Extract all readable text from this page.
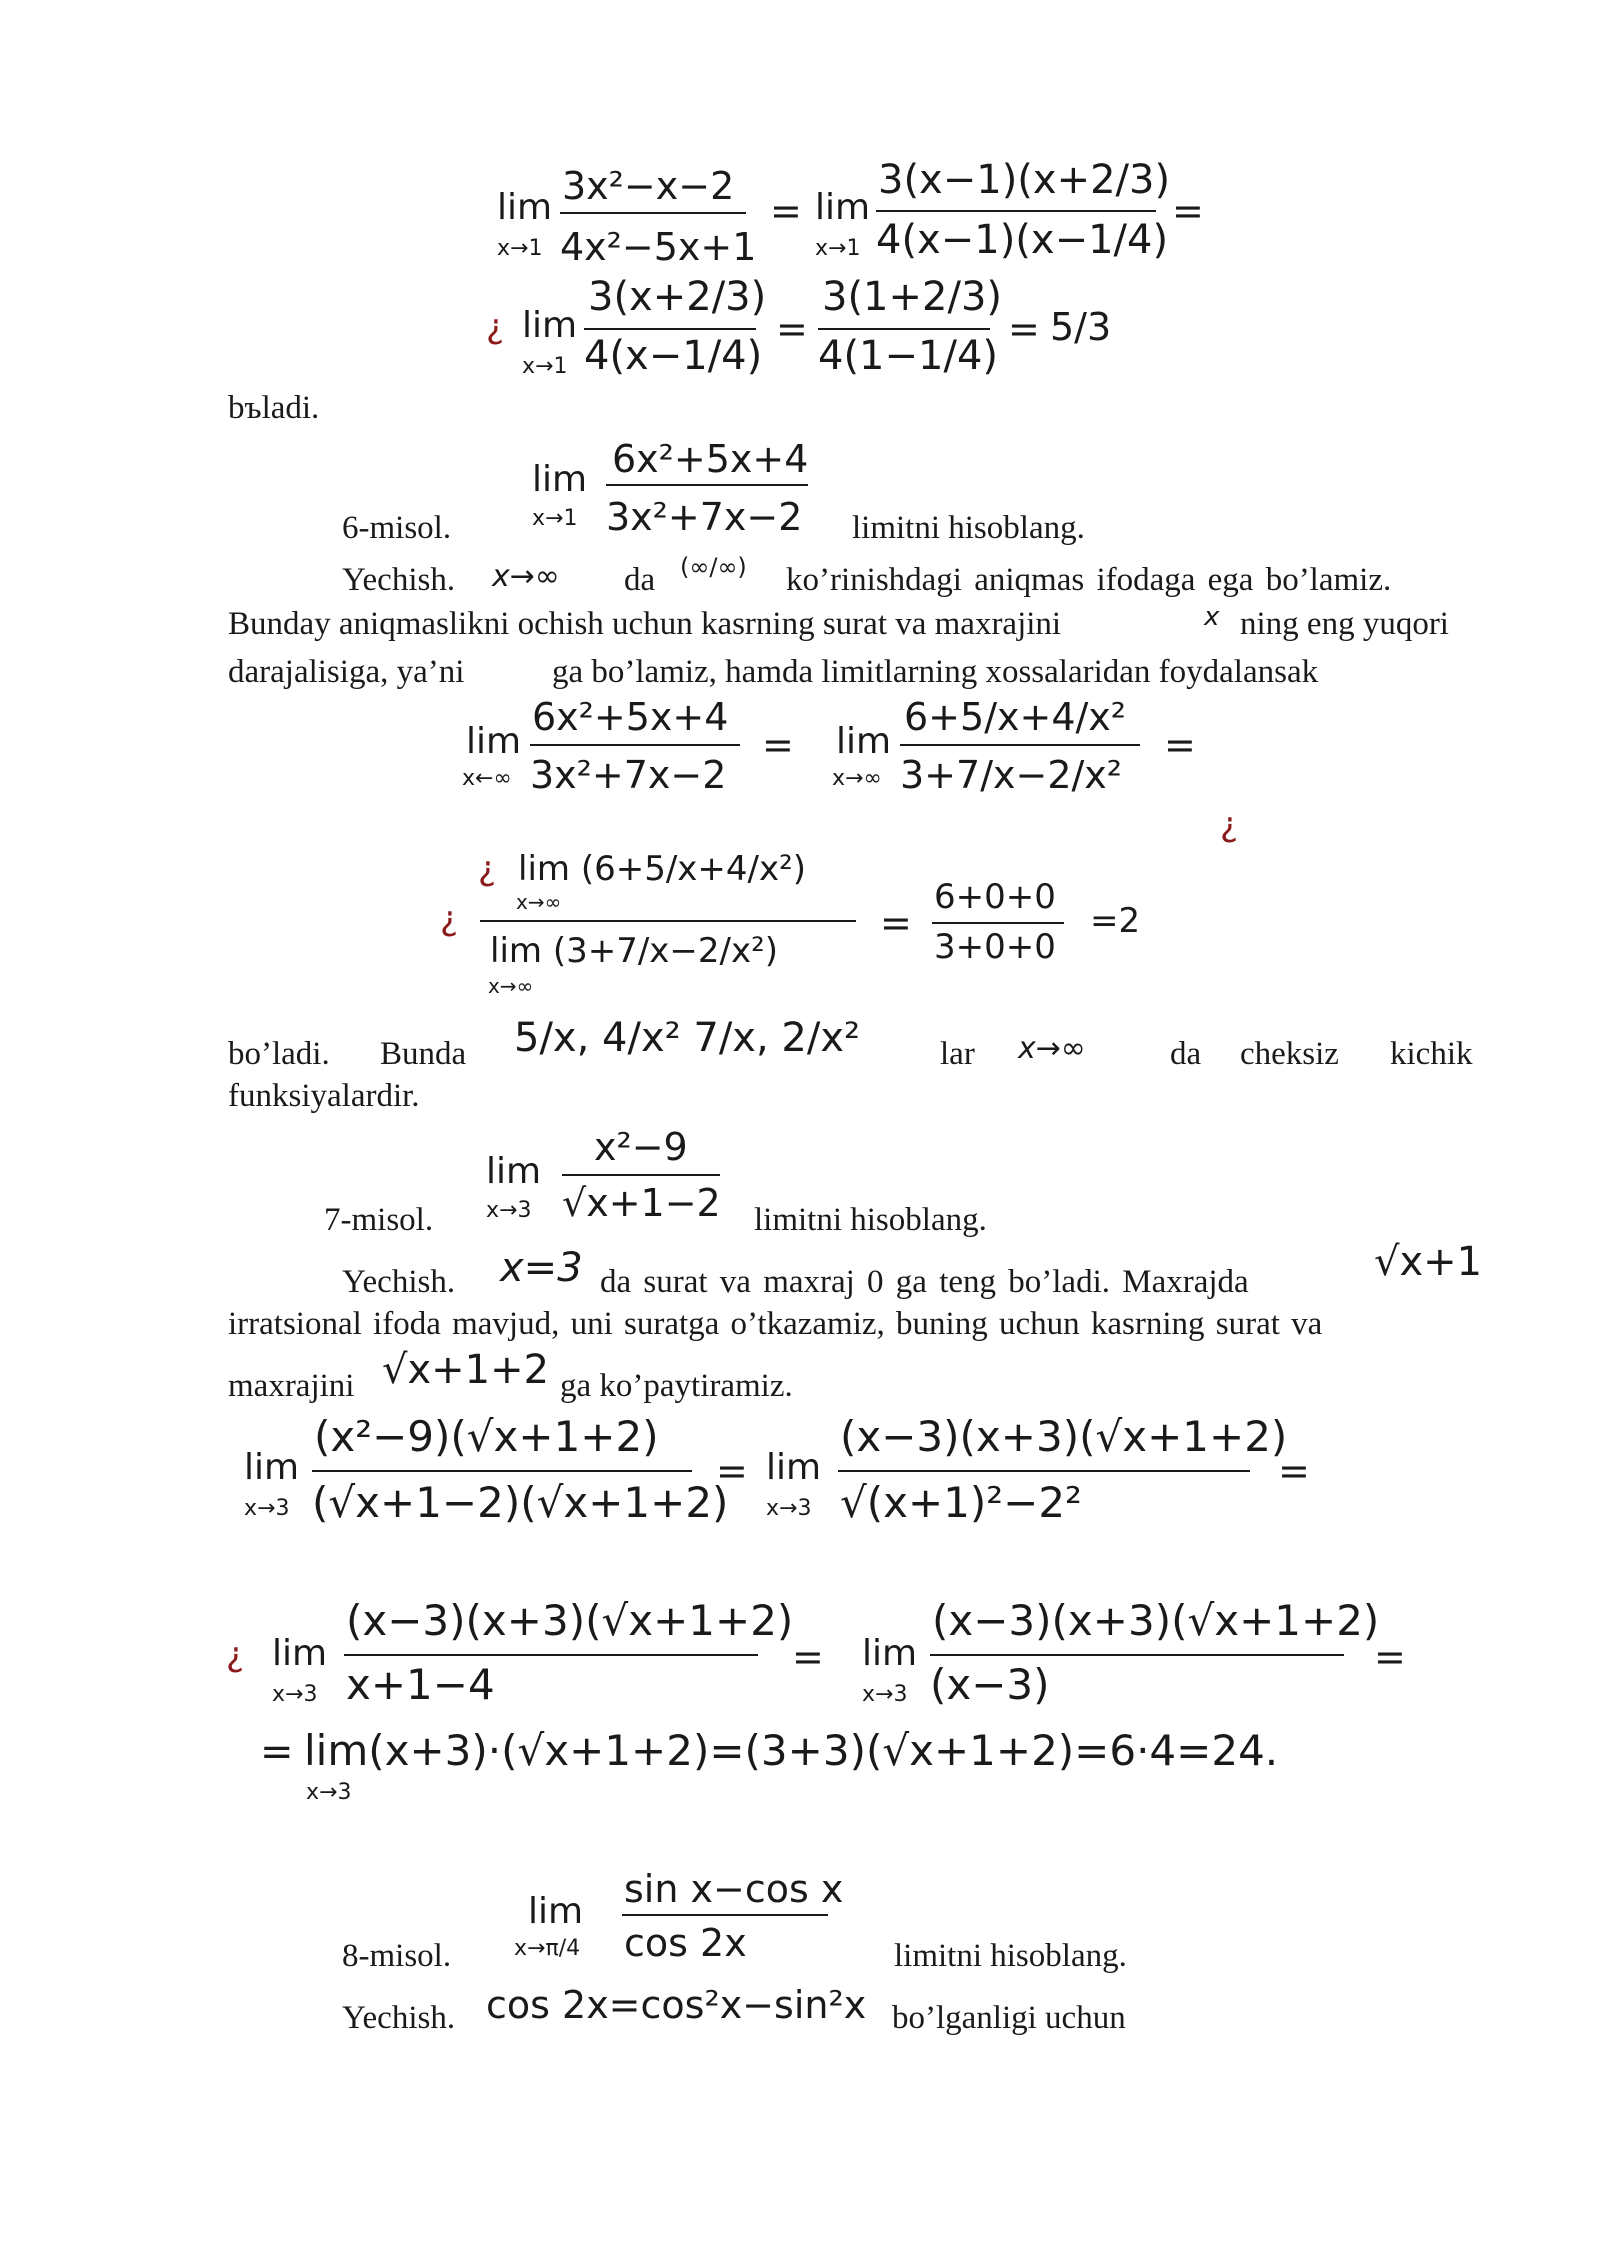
lim
x→1
3x²−x−2
4x²−5x+1
= lim
x→1
3(x−1)(x+2/3)
4(x−1)(x−1/4)
=
¿ lim
x→1
3(x+2/3)
4(x−1/4)
=
3(1+2/3)
4(1−1/4)
= 5/3
bъladi.
lim
x→1
6x²+5x+4
3x²+7x−2
6-misol.	limitni hisoblang.
Yechish. x→∞ da (∞/∞) ko’rinishdagi aniqmas ifodaga ega bo’lamiz.
Bunday aniqmaslikni ochish uchun kasrning surat va maxrajini	x ning eng yuqori
darajalisiga, ya’ni	ga bo’lamiz, hamda limitlarning xossalaridan foydalansak
lim
x←∞
6x²+5x+4
3x²+7x−2
= lim
x→∞
6+5/x+4/x²
3+7/x−2/x²
=
¿
¿ lim (6+5/x+4/x²)
x→∞
¿
lim (3+7/x−2/x²)
x→∞
=
6+0+0
3+0+0
=2
bo’ladi. Bunda 5/x, 4/x² 7/x, 2/x² lar x→∞	da cheksiz kichik
funksiyalardir.
lim
x→3
x²−9
√x+1−2
7-misol.	limitni hisoblang.
Yechish. x=3 da surat va maxraj 0 ga teng bo’ladi. Maxrajda	√x+1
irratsional ifoda mavjud, uni suratga o’tkazamiz, buning uchun kasrning surat va
maxrajini √x+1+2 ga ko’paytiramiz.
lim
x→3
(x²−9)(√x+1+2)
(√x+1−2)(√x+1+2)
= lim
x→3
(x−3)(x+3)(√x+1+2)
√(x+1)²−2²
=
¿ lim
x→3
(x−3)(x+3)(√x+1+2)
x+1−4
= lim
x→3
(x−3)(x+3)(√x+1+2)
(x−3)
=
= lim(x+3)·(√x+1+2)=(3+3)(√x+1+2)=6·4=24.
x→3
lim
x→π/4
sin x−cos x
cos 2x
8-misol.	limitni hisoblang.
Yechish. cos 2x=cos²x−sin²x bo’lganligi uchun
